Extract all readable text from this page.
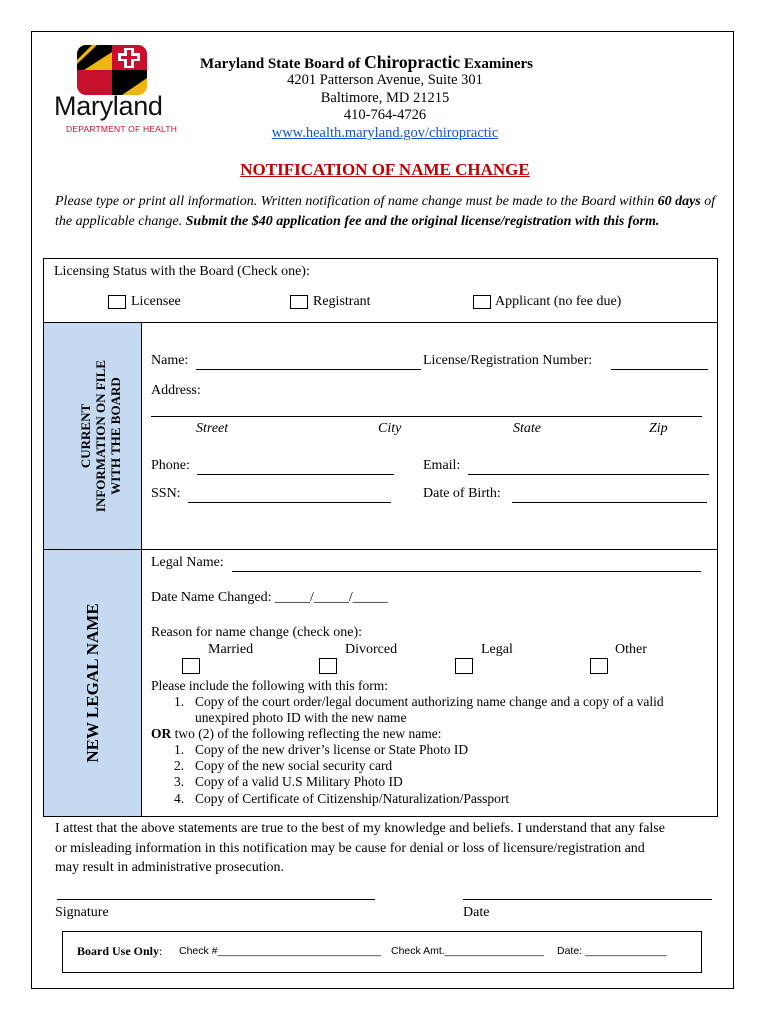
Maryland
DEPARTMENT OF HEALTH
Maryland State Board of Chiropractic Examiners
4201 Patterson Avenue, Suite 301
Baltimore, MD 21215
410-764-4726
www.health.maryland.gov/chiropractic
NOTIFICATION OF NAME CHANGE
Please type or print all information. Written notification of name change must be made to the Board within 60 days of the applicable change. Submit the $40 application fee and the original license/registration with this form.
Licensing Status with the Board (Check one):
Licensee	Registrant	Applicant (no fee due)
CURRENT INFORMATION ON FILE WITH THE BOARD
Name:	License/Registration Number:
Address:
Street	City	State	Zip
Phone:	Email:
SSN:	Date of Birth:
NEW LEGAL NAME
Legal Name:
Date Name Changed: _____/_____/_____
Reason for name change (check one):
Married	Divorced	Legal	Other
Please include the following with this form:
1. Copy of the court order/legal document authorizing name change and a copy of a valid
unexpired photo ID with the new name
OR two (2) of the following reflecting the new name:
1. Copy of the new driver’s license or State Photo ID
2. Copy of the new social security card
3. Copy of a valid U.S Military Photo ID
4. Copy of Certificate of Citizenship/Naturalization/Passport
I attest that the above statements are true to the best of my knowledge and beliefs. I understand that any false
or misleading information in this notification may be cause for denial or loss of licensure/registration and
may result in administrative prosecution.
Signature	Date
Board Use Only: Check #____________________________ Check Amt._________________ Date: ______________
